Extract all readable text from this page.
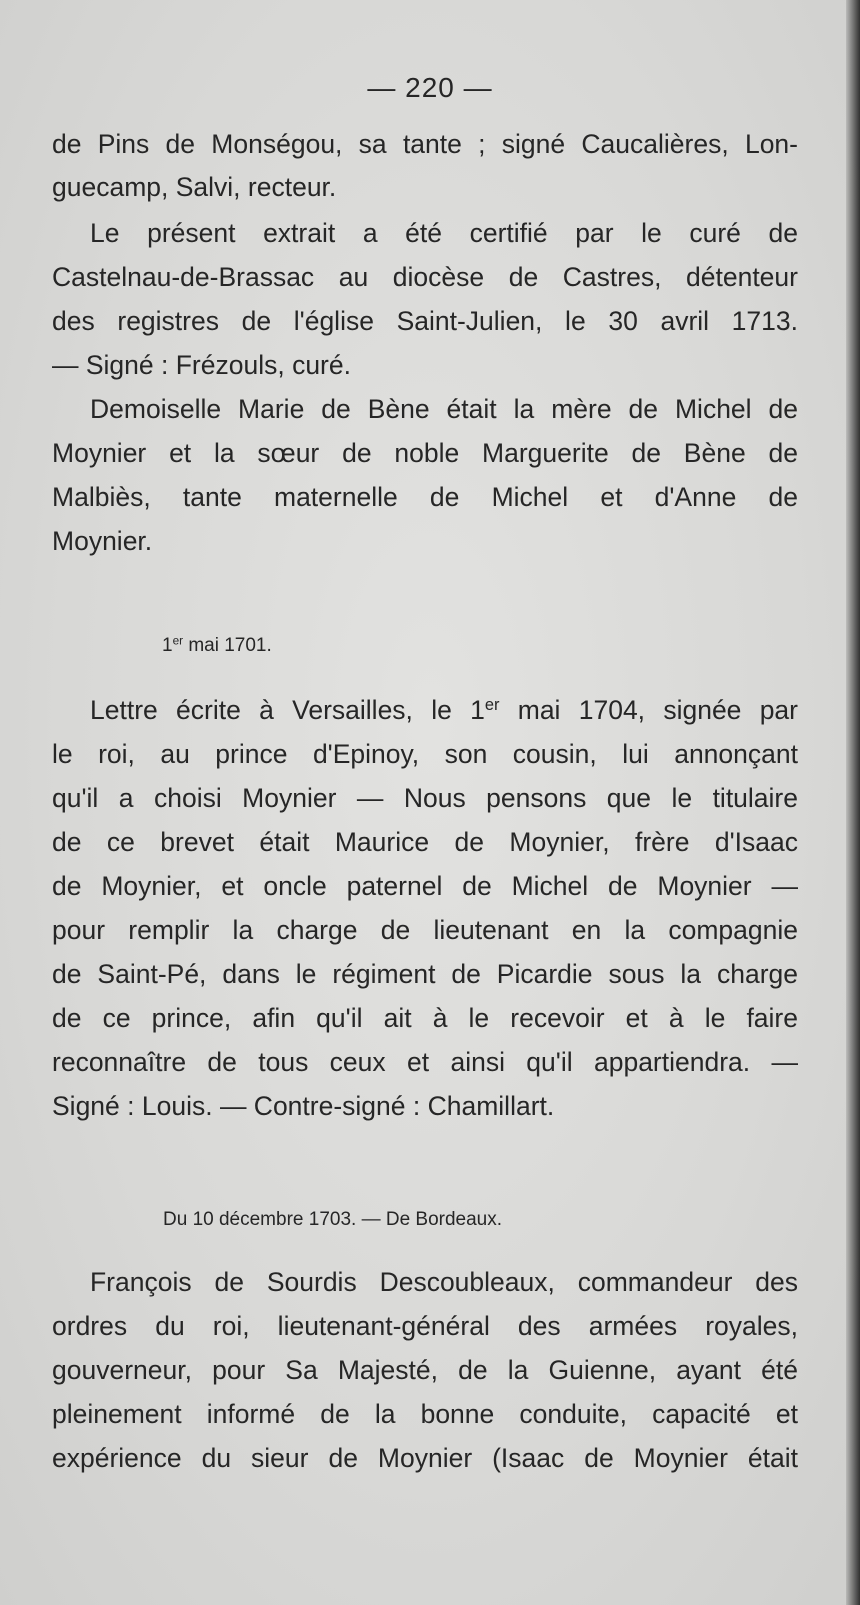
— 220 —
de Pins de Monségou, sa tante ; signé Caucalières, Lon-
guecamp, Salvi, recteur.
Le présent extrait a été certifié par le curé de
Castelnau-de-Brassac au diocèse de Castres, détenteur
des registres de l'église Saint-Julien, le 30 avril 1713.
— Signé : Frézouls, curé.
Demoiselle Marie de Bène était la mère de Michel de
Moynier et la sœur de noble Marguerite de Bène de
Malbiès, tante maternelle de Michel et d'Anne de
Moynier.
1er mai 1701.
Lettre écrite à Versailles, le 1er mai 1704, signée par
le roi, au prince d'Epinoy, son cousin, lui annonçant
qu'il a choisi Moynier — Nous pensons que le titulaire
de ce brevet était Maurice de Moynier, frère d'Isaac
de Moynier, et oncle paternel de Michel de Moynier —
pour remplir la charge de lieutenant en la compagnie
de Saint-Pé, dans le régiment de Picardie sous la charge
de ce prince, afin qu'il ait à le recevoir et à le faire
reconnaître de tous ceux et ainsi qu'il appartiendra. —
Signé : Louis. — Contre-signé : Chamillart.
Du 10 décembre 1703. — De Bordeaux.
François de Sourdis Descoubleaux, commandeur des
ordres du roi, lieutenant-général des armées royales,
gouverneur, pour Sa Majesté, de la Guienne, ayant été
pleinement informé de la bonne conduite, capacité et
expérience du sieur de Moynier (Isaac de Moynier était
